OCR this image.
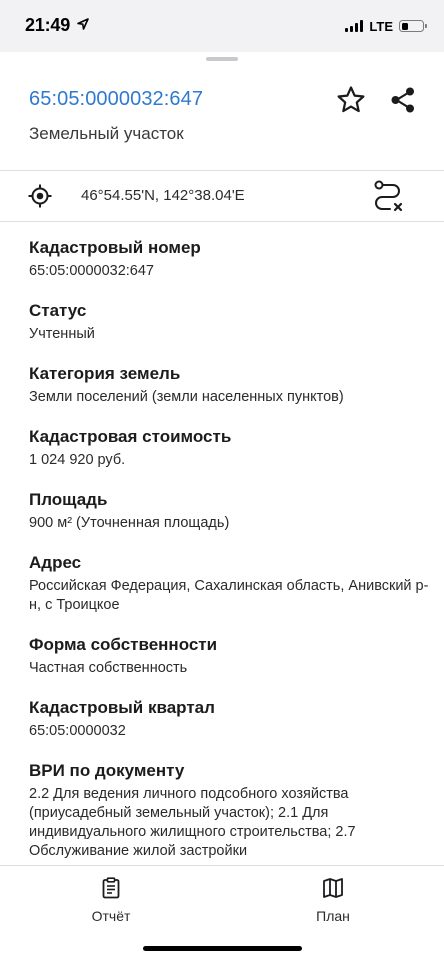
21:49	LTE
65:05:0000032:647
Земельный участок
46°54.55'N, 142°38.04'E
Кадастровый номер
65:05:0000032:647
Статус
Учтенный
Категория земель
Земли поселений (земли населенных пунктов)
Кадастровая стоимость
1 024 920 руб.
Площадь
900 м² (Уточненная площадь)
Адрес
Российская Федерация, Сахалинская область, Анивский р-н, с Троицкое
Форма собственности
Частная собственность
Кадастровый квартал
65:05:0000032
ВРИ по документу
2.2 Для ведения личного подсобного хозяйства (приусадебный земельный участок); 2.1 Для индивидуального жилищного строительства; 2.7 Обслуживание жилой застройки
Отчёт	План
